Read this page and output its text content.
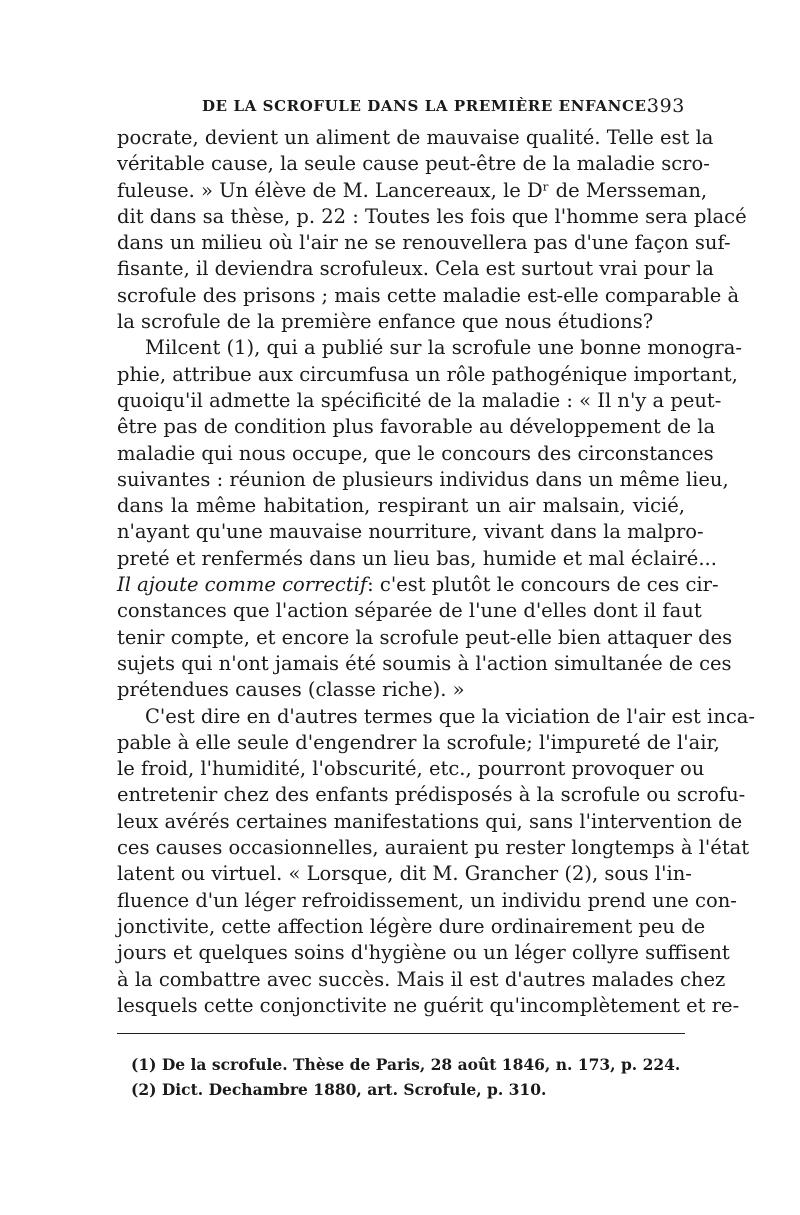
DE LA SCROFULE DANS LA PREMIÈRE ENFANCE.
393

pocrate, devient un aliment de mauvaise qualité. Telle est la
véritable cause, la seule cause peut-être de la maladie scro-
fuleuse. » Un élève de M. Lancereaux, le Dʳ de Mersseman,
dit dans sa thèse, p. 22 : Toutes les fois que l'homme sera placé
dans un milieu où l'air ne se renouvellera pas d'une façon suf-
fisante, il deviendra scrofuleux. Cela est surtout vrai pour la
scrofule des prisons ; mais cette maladie est-elle comparable à
la scrofule de la première enfance que nous étudions?

Milcent (1), qui a publié sur la scrofule une bonne monogra-
phie, attribue aux circumfusa un rôle pathogénique important,
quoiqu'il admette la spécificité de la maladie : « Il n'y a peut-
être pas de condition plus favorable au développement de la
maladie qui nous occupe, que le concours des circonstances
suivantes : réunion de plusieurs individus dans un même lieu,
dans la même habitation, respirant un air malsain, vicié,
n'ayant qu'une mauvaise nourriture, vivant dans la malpro-
preté et renfermés dans un lieu bas, humide et mal éclairé...
Il ajoute comme correctif: c'est plutôt le concours de ces cir-
constances que l'action séparée de l'une d'elles dont il faut
tenir compte, et encore la scrofule peut-elle bien attaquer des
sujets qui n'ont jamais été soumis à l'action simultanée de ces
prétendues causes (classe riche). »

C'est dire en d'autres termes que la viciation de l'air est inca-
pable à elle seule d'engendrer la scrofule; l'impureté de l'air,
le froid, l'humidité, l'obscurité, etc., pourront provoquer ou
entretenir chez des enfants prédisposés à la scrofule ou scrofu-
leux avérés certaines manifestations qui, sans l'intervention de
ces causes occasionnelles, auraient pu rester longtemps à l'état
latent ou virtuel. « Lorsque, dit M. Grancher (2), sous l'in-
fluence d'un léger refroidissement, un individu prend une con-
jonctivite, cette affection légère dure ordinairement peu de
jours et quelques soins d'hygiène ou un léger collyre suffisent
à la combattre avec succès. Mais il est d'autres malades chez
lesquels cette conjonctivite ne guérit qu'incomplètement et re-

(1) De la scrofule. Thèse de Paris, 28 août 1846, n. 173, p. 224.
(2) Dict. Dechambre 1880, art. Scrofule, p. 310.
